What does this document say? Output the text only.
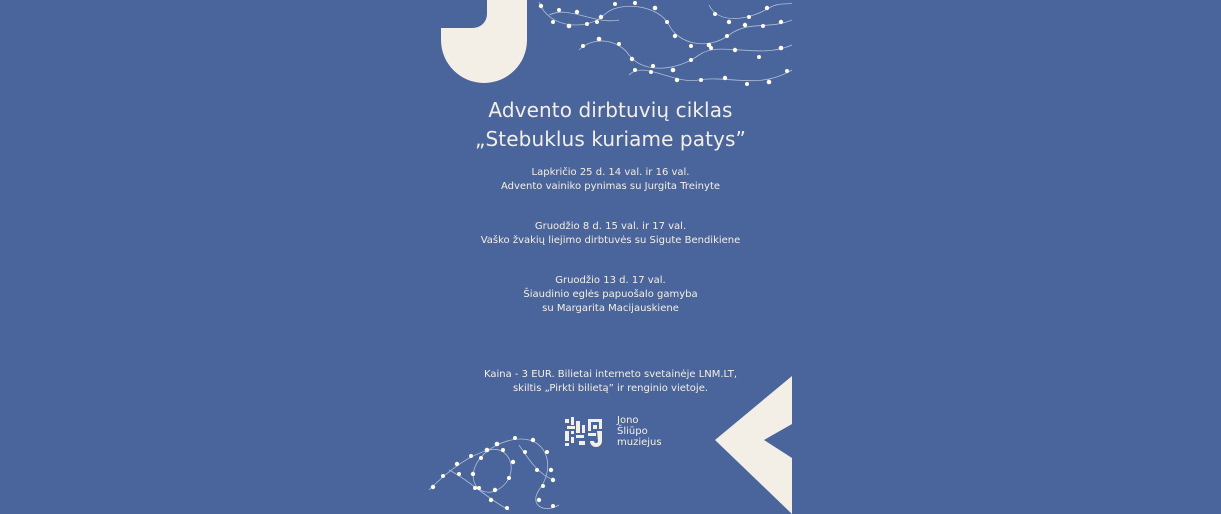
Advento dirbtuvių ciklas
„Stebuklus kuriame patys”
Lapkričio 25 d. 14 val. ir 16 val.
Advento vainiko pynimas su Jurgita Treinyte
Gruodžio 8 d. 15 val. ir 17 val.
Vaško žvakių liejimo dirbtuvės su Sigute Bendikiene
Gruodžio 13 d. 17 val.
Šiaudinio eglės papuošalo gamyba
su Margarita Macijauskiene
Kaina - 3 EUR. Bilietai interneto svetainėje LNM.LT,
skiltis „Pirkti bilietą” ir renginio vietoje.
Jono
Šliūpo
muziejus
